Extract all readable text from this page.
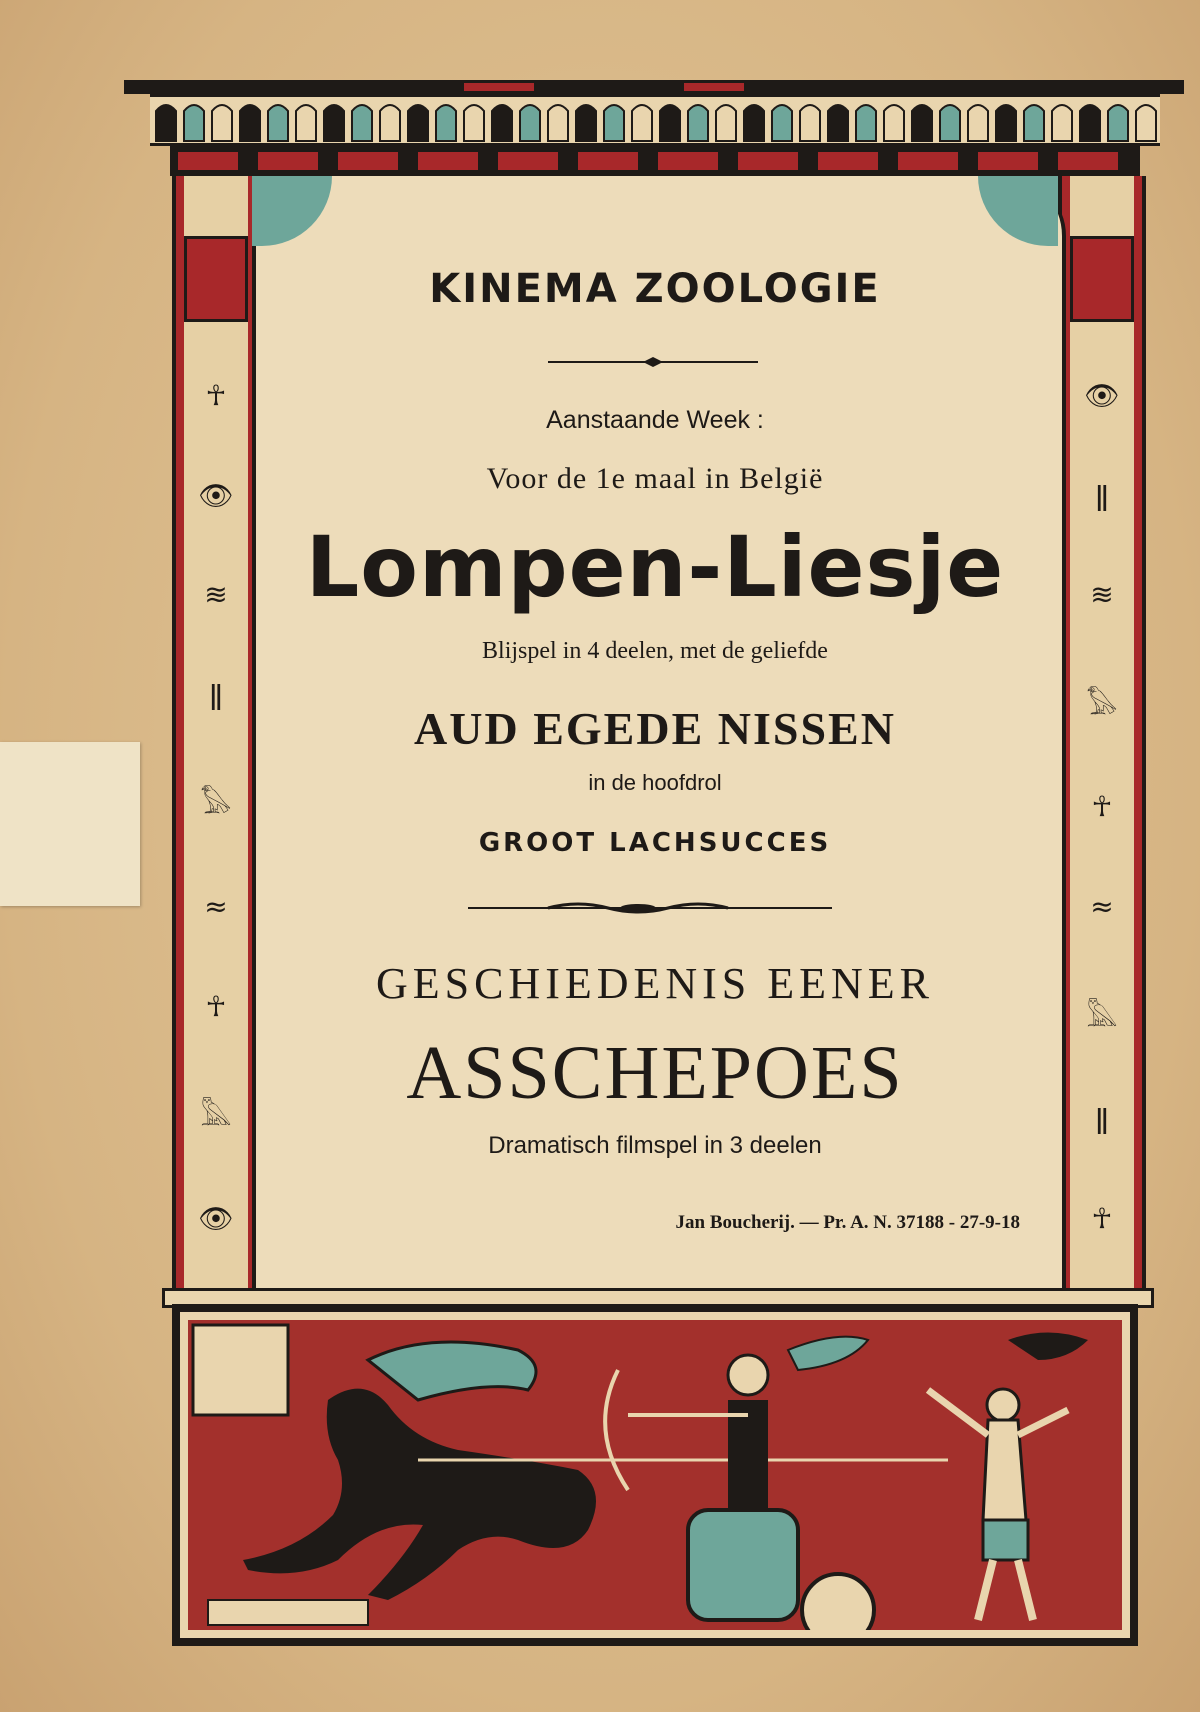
☥
👁
≋
ǁ
𓅃
≈
☥
𓅓
👁
👁
ǁ
≋
𓅃
☥
≈
𓅓
ǁ
☥
KINEMA ZOOLOGIE
Aanstaande Week :
Voor de 1e maal in België
Lompen-Liesje
Blijspel in 4 deelen, met de geliefde
AUD EGEDE NISSEN
in de hoofdrol
GROOT LACHSUCCES
GESCHIEDENIS EENER
ASSCHEPOES
Dramatisch filmspel in 3 deelen
Jan Boucherij. — Pr. A. N. 37188 - 27-9-18
